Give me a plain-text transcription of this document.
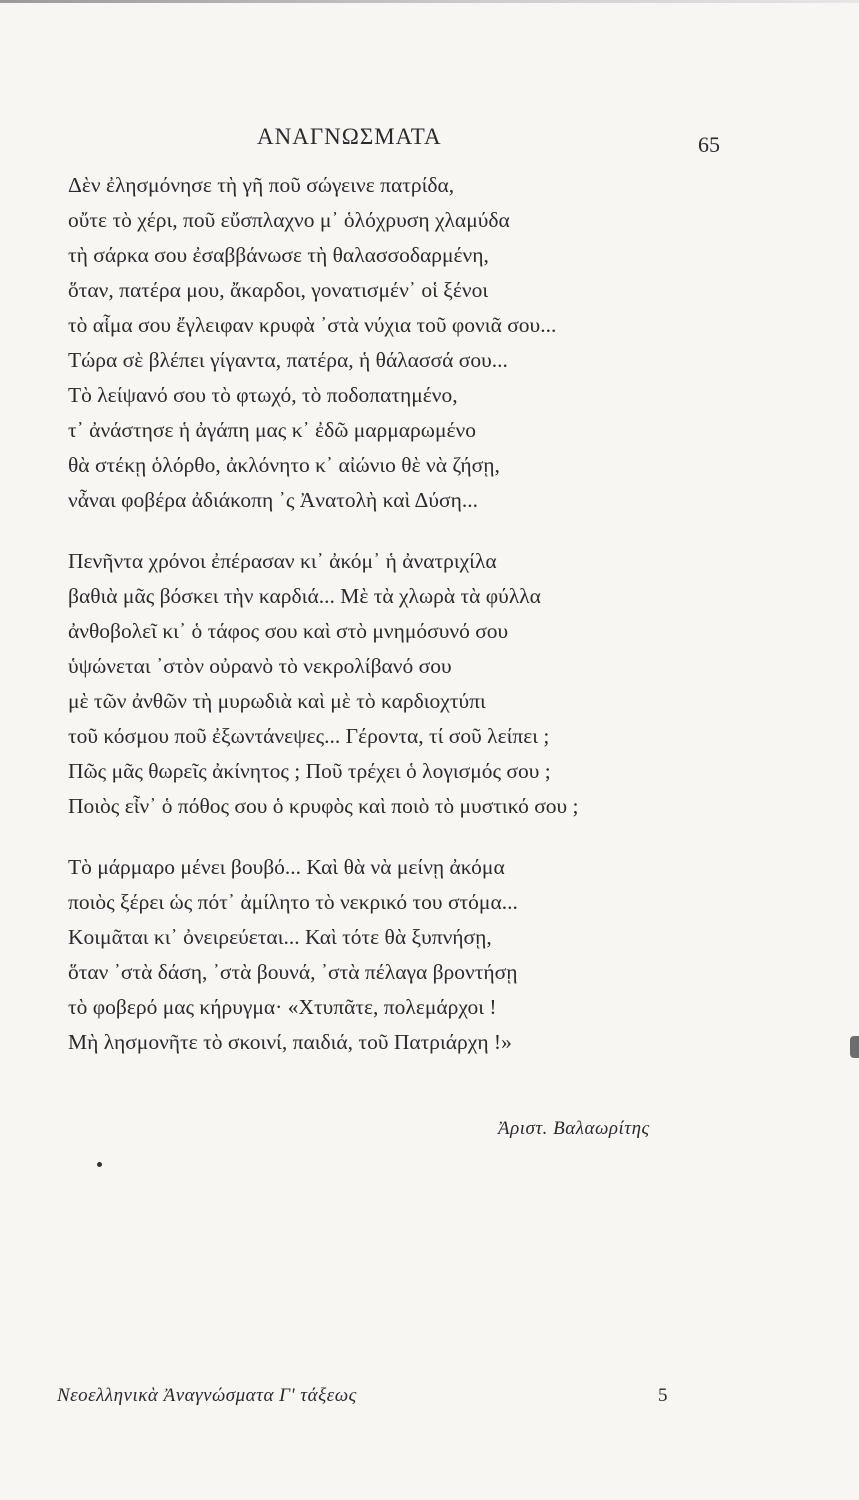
ΑΝΑΓΝΩΣΜΑΤΑ	65
Δὲν ἐλησμόνησε τὴ γῆ ποῦ σώγεινε πατρίδα,
οὔτε τὸ χέρι, ποῦ εὔσπλαχνο μ᾽ ὁλόχρυση χλαμύδα
τὴ σάρκα σου ἐσαββάνωσε τὴ θαλασσοδαρμένη,
ὅταν, πατέρα μου, ἄκαρδοι, γονατισμέν᾽ οἱ ξένοι
τὸ αἷμα σου ἔγλειφαν κρυφὰ ᾽στὰ νύχια τοῦ φονιᾶ σου...
Τώρα σὲ βλέπει γίγαντα, πατέρα, ἡ θάλασσά σου...
Τὸ λείψανό σου τὸ φτωχό, τὸ ποδοπατημένο,
τ᾽ ἀνάστησε ἡ ἀγάπη μας κ᾽ ἐδῶ μαρμαρωμένο
θὰ στέκῃ ὁλόρθο, ἀκλόνητο κ᾽ αἰώνιο θὲ νὰ ζήσῃ,
νἆναι φοβέρα ἀδιάκοπη ᾽ς Ἀνατολὴ καὶ Δύση...
Πενῆντα χρόνοι ἐπέρασαν κι᾽ ἀκόμ᾽ ἡ ἀνατριχίλα
βαθιὰ μᾶς βόσκει τὴν καρδιά... Μὲ τὰ χλωρὰ τὰ φύλλα
ἀνθοβολεῖ κι᾽ ὁ τάφος σου καὶ στὸ μνημόσυνό σου
ὑψώνεται ᾽στὸν οὐρανὸ τὸ νεκρολίβανό σου
μὲ τῶν ἀνθῶν τὴ μυρωδιὰ καὶ μὲ τὸ καρδιοχτύπι
τοῦ κόσμου ποῦ ἐξωντάνεψες... Γέροντα, τί σοῦ λείπει ;
Πῶς μᾶς θωρεῖς ἀκίνητος ; Ποῦ τρέχει ὁ λογισμός σου ;
Ποιὸς εἶν᾽ ὁ πόθος σου ὁ κρυφὸς καὶ ποιὸ τὸ μυστικό σου ;
Τὸ μάρμαρο μένει βουβό... Καὶ θὰ νὰ μείνῃ ἀκόμα
ποιὸς ξέρει ὡς πότ᾽ ἀμίλητο τὸ νεκρικό του στόμα...
Κοιμᾶται κι᾽ ὀνειρεύεται... Καὶ τότε θὰ ξυπνήσῃ,
ὅταν ᾽στὰ δάση, ᾽στὰ βουνά, ᾽στὰ πέλαγα βροντήσῃ
τὸ φοβερό μας κήρυγμα· «Χτυπᾶτε, πολεμάρχοι !
Μὴ λησμονῆτε τὸ σκοινί, παιδιά, τοῦ Πατριάρχη !»
Ἀριστ. Βαλαωρίτης
Νεοελληνικὰ Ἀναγνώσματα Γ' τάξεως	5
